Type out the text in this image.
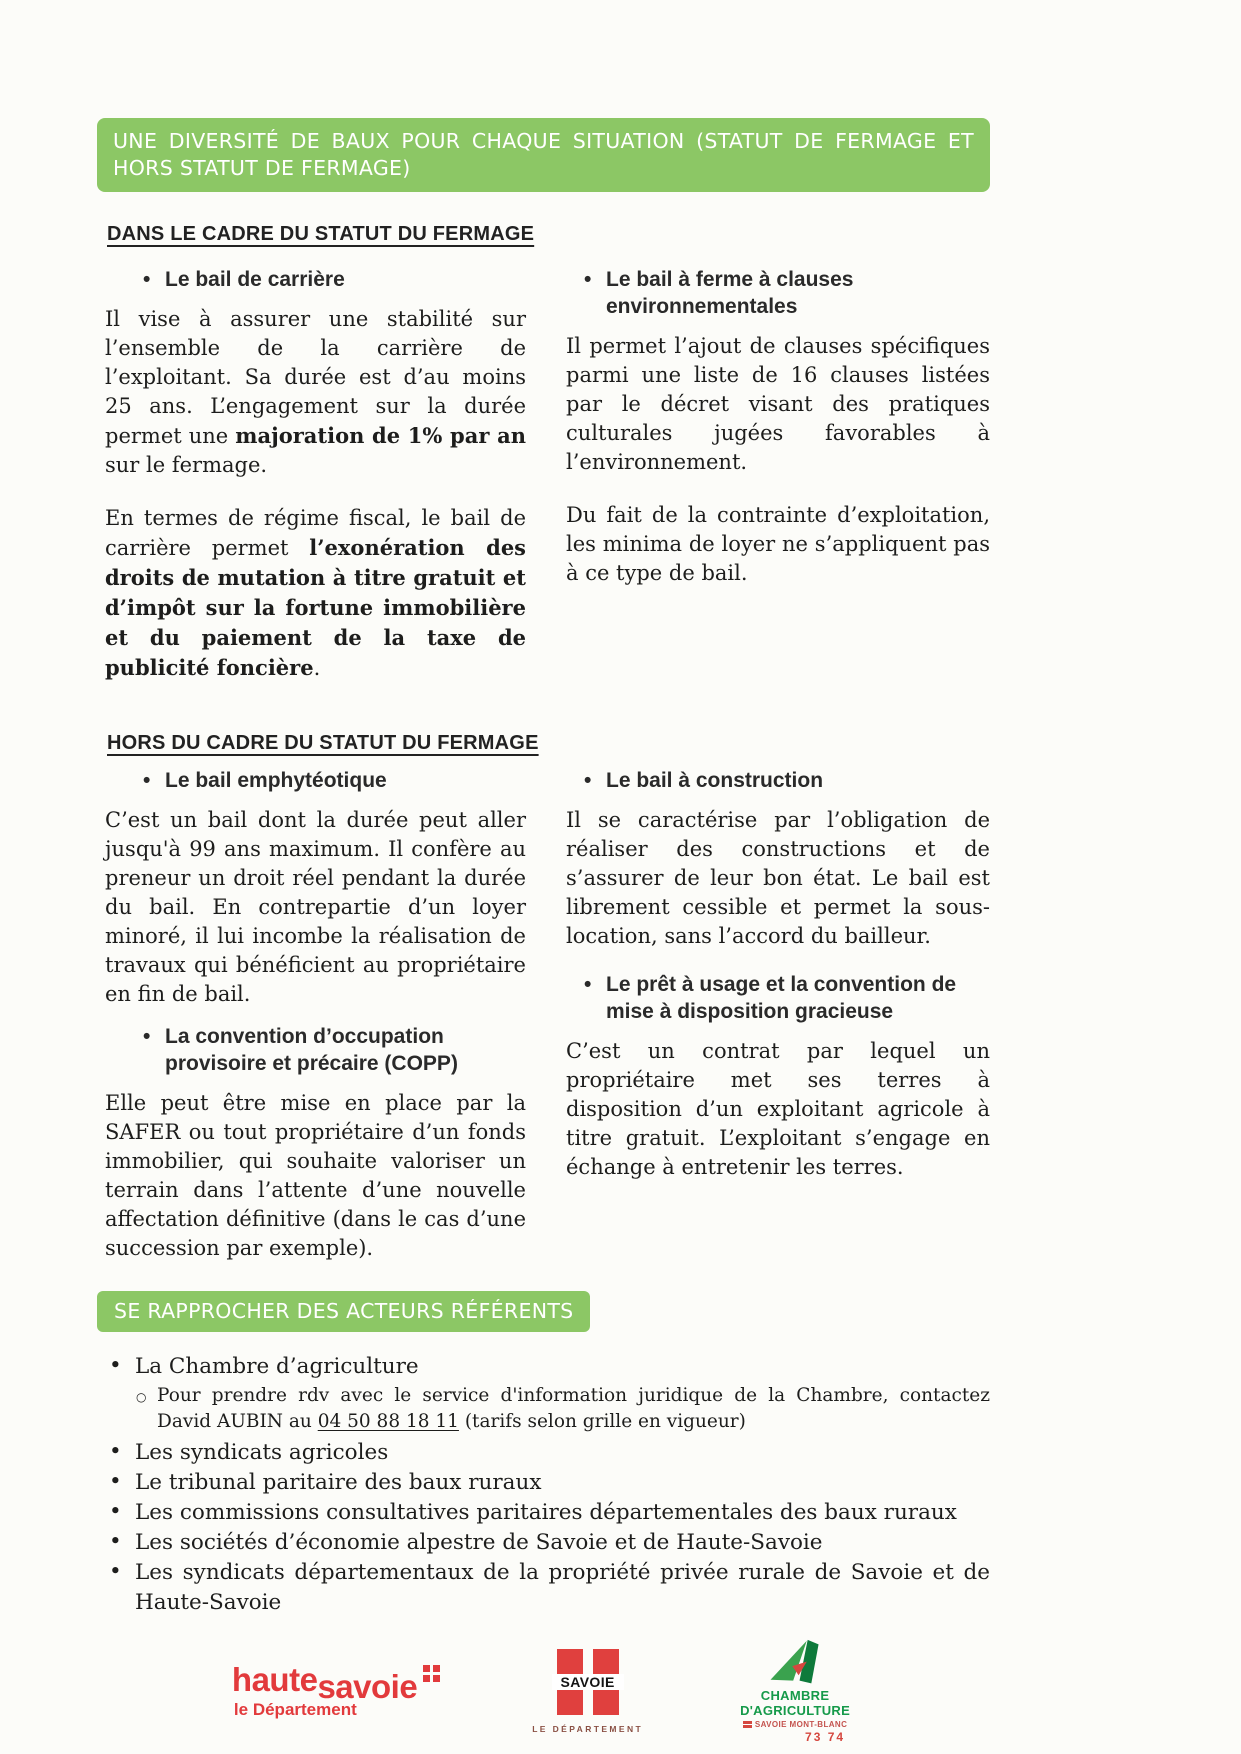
UNE DIVERSITÉ DE BAUX POUR CHAQUE SITUATION (STATUT DE FERMAGE ET HORS STATUT DE FERMAGE)
DANS LE CADRE DU STATUT DU FERMAGE
• Le bail de carrière

Il vise à assurer une stabilité sur l’ensemble de la carrière de l’exploitant. Sa durée est d’au moins 25 ans. L’engagement sur la durée permet une majoration de 1% par an sur le fermage.

En termes de régime fiscal, le bail de carrière permet l’exonération des droits de mutation à titre gratuit et d’impôt sur la fortune immobilière et du paiement de la taxe de publicité foncière.

• Le bail à ferme à clauses environnementales

Il permet l’ajout de clauses spécifiques parmi une liste de 16 clauses listées par le décret visant des pratiques culturales jugées favorables à l’environnement.

Du fait de la contrainte d’exploitation, les minima de loyer ne s’appliquent pas à ce type de bail.

HORS DU CADRE DU STATUT DU FERMAGE
• Le bail emphytéotique

C’est un bail dont la durée peut aller jusqu'à 99 ans maximum. Il confère au preneur un droit réel pendant la durée du bail. En contrepartie d’un loyer minoré, il lui incombe la réalisation de travaux qui bénéficient au propriétaire en fin de bail.

• La convention d’occupation provisoire et précaire (COPP)

Elle peut être mise en place par la SAFER ou tout propriétaire d’un fonds immobilier, qui souhaite valoriser un terrain dans l’attente d’une nouvelle affectation définitive (dans le cas d’une succession par exemple).

• Le bail à construction

Il se caractérise par l’obligation de réaliser des constructions et de s’assurer de leur bon état. Le bail est librement cessible et permet la sous-location, sans l’accord du bailleur.

• Le prêt à usage et la convention de mise à disposition gracieuse

C’est un contrat par lequel un propriétaire met ses terres à disposition d’un exploitant agricole à titre gratuit. L’exploitant s’engage en échange à entretenir les terres.

SE RAPPROCHER DES ACTEURS RÉFÉRENTS
• La Chambre d’agriculture
○ Pour prendre rdv avec le service d'information juridique de la Chambre, contactez David AUBIN au 04 50 88 18 11 (tarifs selon grille en vigueur)
• Les syndicats agricoles
• Le tribunal paritaire des baux ruraux
• Les commissions consultatives paritaires départementales des baux ruraux
• Les sociétés d’économie alpestre de Savoie et de Haute-Savoie
• Les syndicats départementaux de la propriété privée rurale de Savoie et de Haute-Savoie
hautesavoie
le Département
SAVOIE
LE DÉPARTEMENT
CHAMBRE
D'AGRICULTURE
SAVOIE MONT-BLANC
73 74
